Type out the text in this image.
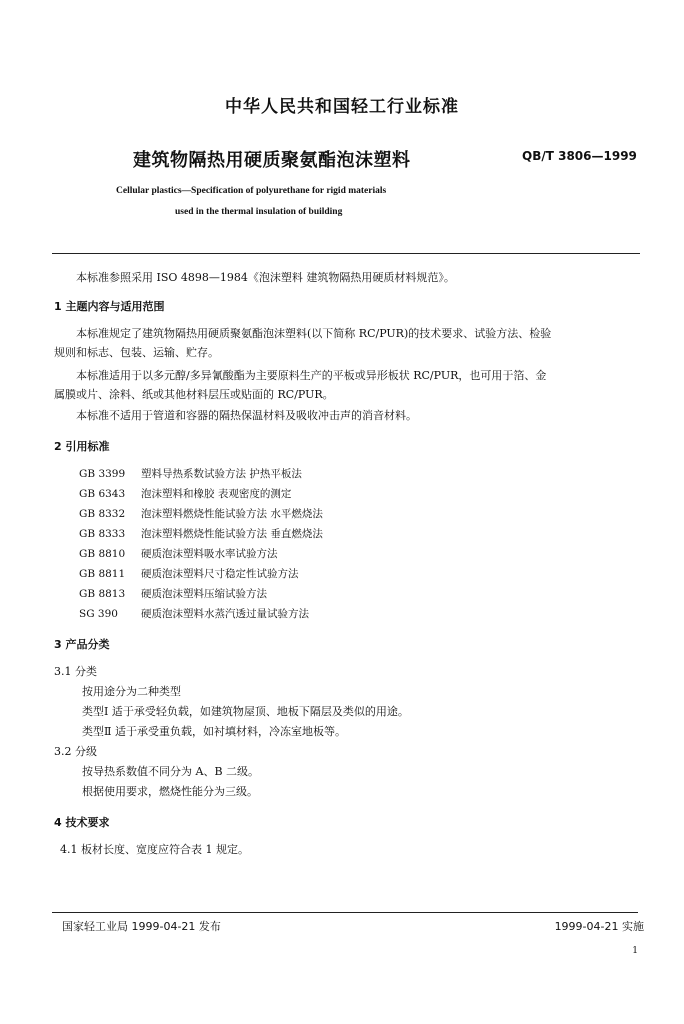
中华人民共和国轻工行业标准
建筑物隔热用硬质聚氨酯泡沫塑料	QB/T 3806—1999
Cellular plastics—Specification of polyurethane for rigid materials
used in the thermal insulation of building

本标准参照采用 ISO 4898—1984《泡沫塑料 建筑物隔热用硬质材料规范》。

1 主题内容与适用范围

本标准规定了建筑物隔热用硬质聚氨酯泡沫塑料(以下简称 RC/PUR)的技术要求、试验方法、检验

规则和标志、包装、运输、贮存。

本标准适用于以多元醇/多异氰酸酯为主要原料生产的平板或异形板状 RC/PUR，也可用于箔、金

属膜或片、涂料、纸或其他材料层压或贴面的 RC/PUR。

本标准不适用于管道和容器的隔热保温材料及吸收冲击声的消音材料。

2 引用标准
GB 3399 塑料导热系数试验方法 护热平板法
GB 6343 泡沫塑料和橡胶 表观密度的测定
GB 8332 泡沫塑料燃烧性能试验方法 水平燃烧法
GB 8333 泡沫塑料燃烧性能试验方法 垂直燃烧法
GB 8810 硬质泡沫塑料吸水率试验方法
GB 8811 硬质泡沫塑料尺寸稳定性试验方法
GB 8813 硬质泡沫塑料压缩试验方法
SG 390 硬质泡沫塑料水蒸汽透过量试验方法
3 产品分类
3.1 分类

按用途分为二种类型

类型Ⅰ 适于承受轻负载，如建筑物屋顶、地板下隔层及类似的用途。

类型Ⅱ 适于承受重负载，如衬填材料，冷冻室地板等。

3.2 分级

按导热系数值不同分为 A、B 二级。

根据使用要求，燃烧性能分为三级。

4 技术要求

4.1 板材长度、宽度应符合表 1 规定。

国家轻工业局 1999-04-21 发布	1999-04-21 实施
1
